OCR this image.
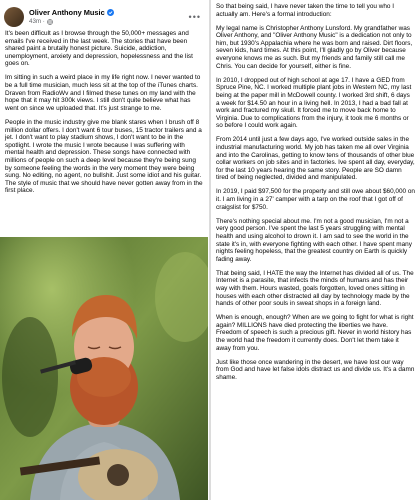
Oliver Anthony Music
43m ·	•••

It's been difficult as I browse through the 50,000+ messages and emails I've received in the last week. The stories that have been shared paint a brutally honest picture. Suicide, addiction, unemployment, anxiety and depression, hopelessness and the list goes on.

Im sitting in such a weird place in my life right now. I never wanted to be a full time musician, much less sit at the top of the iTunes charts. Draven from RadioWv and I filmed these tunes on my land with the hope that it may hit 300k views. I still don't quite believe what has went on since we uploaded that. It's just strange to me.

People in the music industry give me blank stares when I brush off 8 million dollar offers. I don't want 6 tour buses, 15 tractor trailers and a jet. I don't want to play stadium shows, I don't want to be in the spotlight. I wrote the music I wrote because I was suffering with mental health and depression. These songs have connected with millions of people on such a deep level because they're being sung by someone feeling the words in the very moment they were being sung. No editing, no agent, no bullshit. Just some idiot and his guitar. The style of music that we should have never gotten away from in the first place.

So that being said, I have never taken the time to tell you who I actually am. Here's a formal introduction:

My legal name is Christopher Anthony Lunsford. My grandfather was Oliver Anthony, and "Oliver Anthony Music" is a dedication not only to him, but 1930's Appalachia where he was born and raised. Dirt floors, seven kids, hard times. At this point, I'll gladly go by Oliver because everyone knows me as such. But my friends and family still call me Chris. You can decide for yourself, either is fine.

In 2010, I dropped out of high school at age 17. I have a GED from Spruce Pine, NC. I worked multiple plant jobs in Western NC, my last being at the paper mill in McDowell county. I worked 3rd shift, 6 days a week for $14.50 an hour in a living hell. In 2013, I had a bad fall at work and fractured my skull. It forced me to move back home to Virginia. Due to complications from the injury, it took me 6 months or so before I could work again.

From 2014 until just a few days ago, I've worked outside sales in the industrial manufacturing world. My job has taken me all over Virginia and into the Carolinas, getting to know tens of thousands of other blue collar workers on job sites and in factories. Ive spent all day, everyday, for the last 10 years hearing the same story. People are SO damn tired of being neglected, divided and manipulated.

In 2019, I paid $97,500 for the property and still owe about $60,000 on it. I am living in a 27' camper with a tarp on the roof that I got off of craigslist for $750.

There's nothing special about me. I'm not a good musician, I'm not a very good person. I've spent the last 5 years struggling with mental health and using alcohol to drown it. I am sad to see the world in the state it's in, with everyone fighting with each other. I have spent many nights feeling hopeless, that the greatest country on Earth is quickly fading away.

That being said, I HATE the way the Internet has divided all of us. The Internet is a parasite, that infects the minds of humans and has their way with them. Hours wasted, goals forgotten, loved ones sitting in houses with each other distracted all day by technology made by the hands of other poor souls in sweat shops in a foreign land.

When is enough, enough? When are we going to fight for what is right again? MILLIONS have died protecting the liberties we have. Freedom of speech is such a precious gift. Never in world history has the world had the freedom it currently does. Don't let them take it away from you.

Just like those once wandering in the desert, we have lost our way from God and have let false idols distract us and divide us. It's a damn shame.
